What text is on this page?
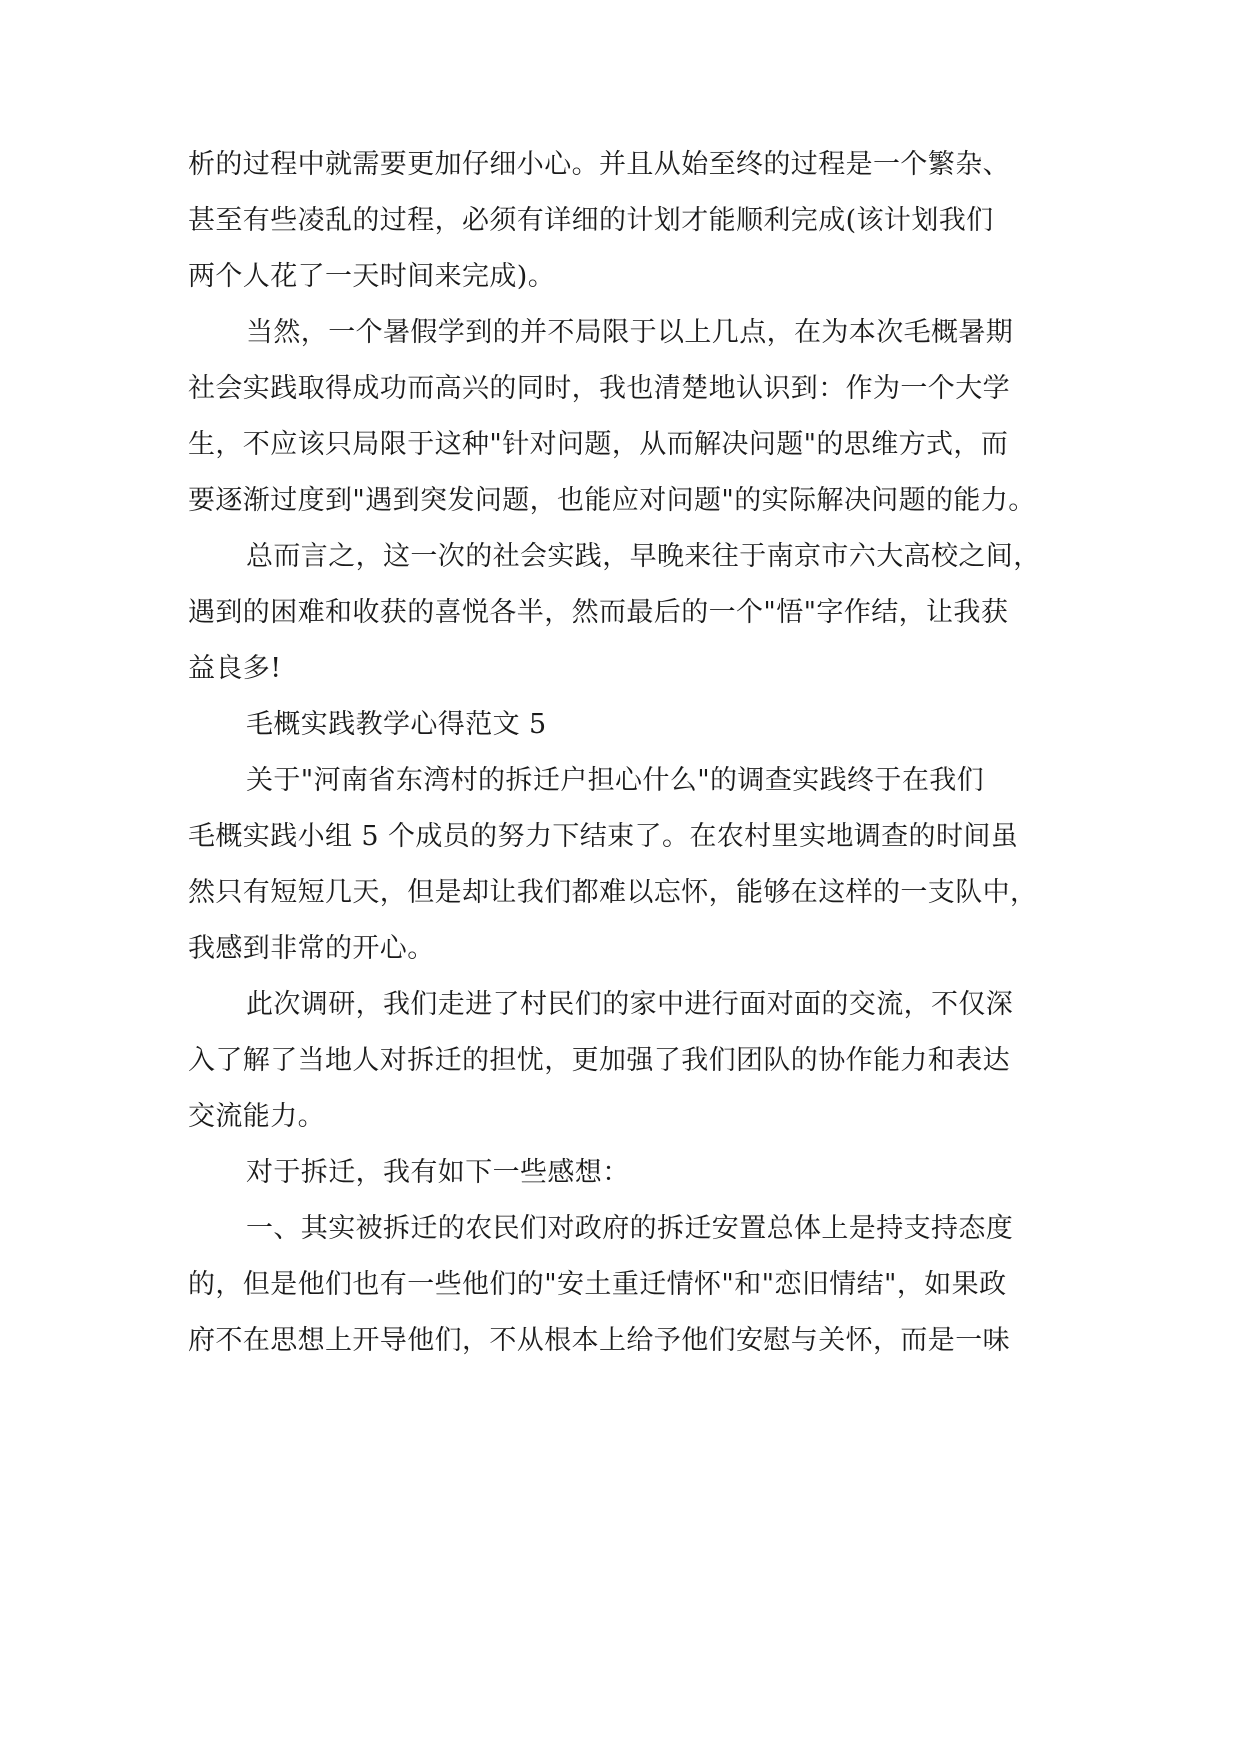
析的过程中就需要更加仔细小心。并且从始至终的过程是一个繁杂、
甚至有些凌乱的过程，必须有详细的计划才能顺利完成(该计划我们
两个人花了一天时间来完成)。
当然，一个暑假学到的并不局限于以上几点，在为本次毛概暑期
社会实践取得成功而高兴的同时，我也清楚地认识到：作为一个大学
生，不应该只局限于这种"针对问题，从而解决问题"的思维方式，而
要逐渐过度到"遇到突发问题，也能应对问题"的实际解决问题的能力。
总而言之，这一次的社会实践，早晚来往于南京市六大高校之间，
遇到的困难和收获的喜悦各半，然而最后的一个"悟"字作结，让我获
益良多!
毛概实践教学心得范文 5
关于"河南省东湾村的拆迁户担心什么"的调查实践终于在我们
毛概实践小组 5 个成员的努力下结束了。在农村里实地调查的时间虽
然只有短短几天，但是却让我们都难以忘怀，能够在这样的一支队中，
我感到非常的开心。
此次调研，我们走进了村民们的家中进行面对面的交流，不仅深
入了解了当地人对拆迁的担忧，更加强了我们团队的协作能力和表达
交流能力。
对于拆迁，我有如下一些感想：
一、其实被拆迁的农民们对政府的拆迁安置总体上是持支持态度
的，但是他们也有一些他们的"安土重迁情怀"和"恋旧情结"，如果政
府不在思想上开导他们，不从根本上给予他们安慰与关怀，而是一味
